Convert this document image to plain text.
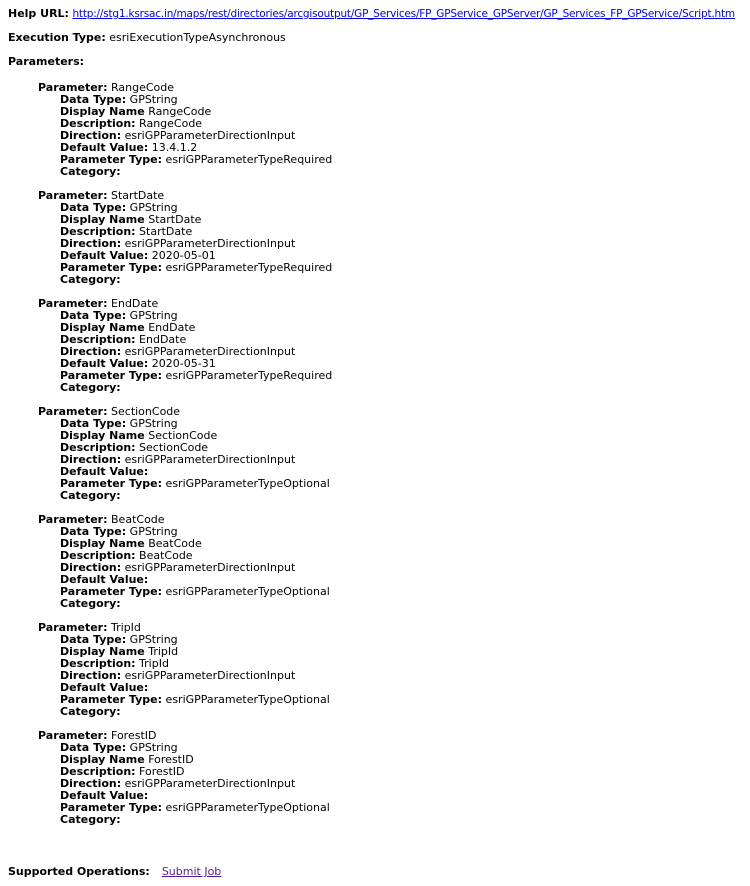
Help URL: http://stg1.ksrsac.in/maps/rest/directories/arcgisoutput/GP_Services/FP_GPService_GPServer/GP_Services_FP_GPService/Script.htm
Execution Type: esriExecutionTypeAsynchronous
Parameters:
Parameter: RangeCode
Data Type: GPString
Display Name RangeCode
Description: RangeCode
Direction: esriGPParameterDirectionInput
Default Value: 13.4.1.2
Parameter Type: esriGPParameterTypeRequired
Category:
Parameter: StartDate
Data Type: GPString
Display Name StartDate
Description: StartDate
Direction: esriGPParameterDirectionInput
Default Value: 2020-05-01
Parameter Type: esriGPParameterTypeRequired
Category:
Parameter: EndDate
Data Type: GPString
Display Name EndDate
Description: EndDate
Direction: esriGPParameterDirectionInput
Default Value: 2020-05-31
Parameter Type: esriGPParameterTypeRequired
Category:
Parameter: SectionCode
Data Type: GPString
Display Name SectionCode
Description: SectionCode
Direction: esriGPParameterDirectionInput
Default Value:
Parameter Type: esriGPParameterTypeOptional
Category:
Parameter: BeatCode
Data Type: GPString
Display Name BeatCode
Description: BeatCode
Direction: esriGPParameterDirectionInput
Default Value:
Parameter Type: esriGPParameterTypeOptional
Category:
Parameter: TripId
Data Type: GPString
Display Name TripId
Description: TripId
Direction: esriGPParameterDirectionInput
Default Value:
Parameter Type: esriGPParameterTypeOptional
Category:
Parameter: ForestID
Data Type: GPString
Display Name ForestID
Description: ForestID
Direction: esriGPParameterDirectionInput
Default Value:
Parameter Type: esriGPParameterTypeOptional
Category:
Supported Operations: Submit Job
